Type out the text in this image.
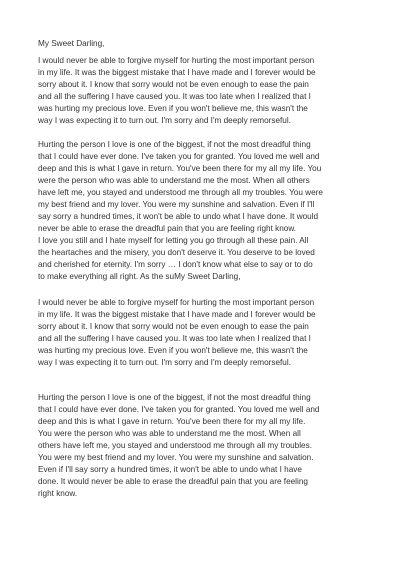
My Sweet Darling,

I would never be able to forgive myself for hurting the most important person
in my life. It was the biggest mistake that I have made and I forever would be
sorry about it. I know that sorry would not be even enough to ease the pain
and all the suffering I have caused you. It was too late when I realized that I
was hurting my precious love. Even if you won't believe me, this wasn't the
way I was expecting it to turn out. I'm sorry and I'm deeply remorseful.

Hurting the person I love is one of the biggest, if not the most dreadful thing
that I could have ever done. I've taken you for granted. You loved me well and
deep and this is what I gave in return. You've been there for my all my life. You
were the person who was able to understand me the most. When all others
have left me, you stayed and understood me through all my troubles. You were
my best friend and my lover. You were my sunshine and salvation. Even if I'll
say sorry a hundred times, it won't be able to undo what I have done. It would
never be able to erase the dreadful pain that you are feeling right know.

I love you still and I hate myself for letting you go through all these pain. All
the heartaches and the misery, you don't deserve it. You deserve to be loved
and cherished for eternity. I'm sorry … I don't know what else to say or to do
to make everything all right. As the suMy Sweet Darling,

I would never be able to forgive myself for hurting the most important person
in my life. It was the biggest mistake that I have made and I forever would be
sorry about it. I know that sorry would not be even enough to ease the pain
and all the suffering I have caused you. It was too late when I realized that I
was hurting my precious love. Even if you won't believe me, this wasn't the
way I was expecting it to turn out. I'm sorry and I'm deeply remorseful.

Hurting the person I love is one of the biggest, if not the most dreadful thing
that I could have ever done. I've taken you for granted. You loved me well and
deep and this is what I gave in return. You've been there for my all my life.
You were the person who was able to understand me the most. When all
others have left me, you stayed and understood me through all my troubles.
You were my best friend and my lover. You were my sunshine and salvation.
Even if I'll say sorry a hundred times, it won't be able to undo what I have
done. It would never be able to erase the dreadful pain that you are feeling
right know.
